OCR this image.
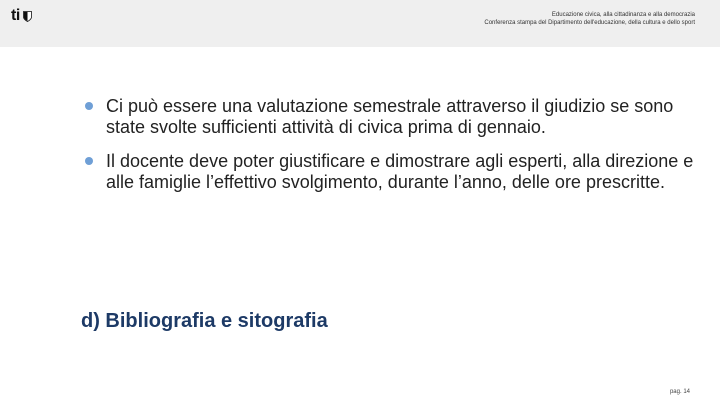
ti	Educazione civica, alla cittadinanza e alla democrazia
Conferenza stampa del Dipartimento dell'educazione, della cultura e dello sport
Ci può essere una valutazione semestrale attraverso il giudizio se sono state svolte sufficienti attività di civica prima di gennaio.
Il docente deve poter giustificare e dimostrare agli esperti, alla direzione e alle famiglie l’effettivo svolgimento, durante l’anno, delle ore prescritte.
d) Bibliografia e sitografia
pag. 14
